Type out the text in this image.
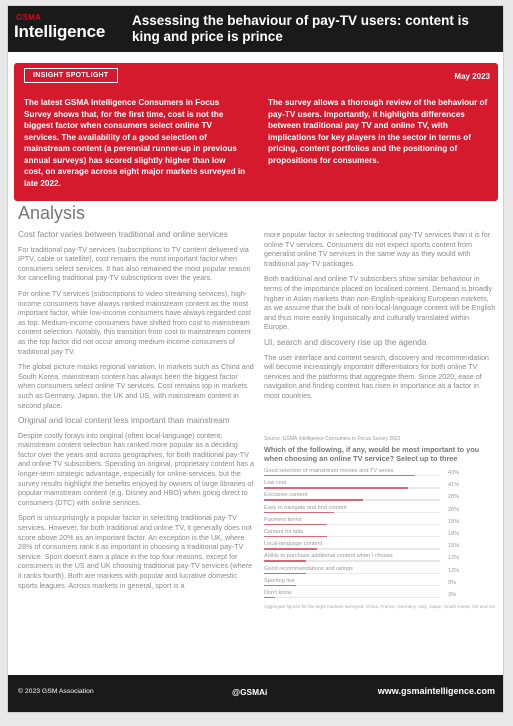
GSMA
Intelligence
Assessing the behaviour of pay-TV users: content is king and price is prince
INSIGHT SPOTLIGHT	May 2023
The latest GSMA Intelligence Consumers in Focus Survey shows that, for the first time, cost is not the biggest factor when consumers select online TV services. The availability of a good selection of mainstream content (a perennial runner-up in previous annual surveys) has scored slightly higher than low cost, on average across eight major markets surveyed in late 2022.
The survey allows a thorough review of the behaviour of pay-TV users. Importantly, it highlights differences between traditional pay TV and online TV, with implications for key players in the sector in terms of pricing, content portfolios and the positioning of propositions for consumers.
Analysis
Cost factor varies between traditional and online services

For traditional pay-TV services (subscriptions to TV content delivered via IPTV, cable or satellite), cost remains the most important factor when consumers select services. It has also remained the most popular reason for cancelling traditional pay-TV subscriptions over the years.

For online TV services (subscriptions to video streaming services), high-income consumers have always ranked mainstream content as the most important factor, while low-income consumers have always regarded cost as top. Medium-income consumers have shifted from cost to mainstream content selection. Notably, this transition from cost to mainstream content as the top factor did not occur among medium-income consumers of traditional pay TV.

The global picture masks regional variation. In markets such as China and South Korea, mainstream content has always been the biggest factor when consumers select online TV services. Cost remains top in markets such as Germany, Japan, the UK and US, with mainstream content in second place.

Original and local content less important than mainstream

Despite costly forays into original (often local-language) content, mainstream content selection has ranked more popular as a deciding factor over the years and across geographies, for both traditional pay-TV and online TV subscribers. Spending on original, proprietary content has a longer-term strategic advantage, especially for online services, but the survey results highlight the benefits enjoyed by owners of large libraries of popular mainstream content (e.g. Disney and HBO) when going direct to consumers (DTC) with online services.

Sport is unsurprisingly a popular factor in selecting traditional pay-TV services. However, for both traditional and online TV, it generally does not score above 20% as an important factor. An exception is the UK, where 28% of consumers rank it as important in choosing a traditional pay-TV service. Sport doesn't earn a place in the top four reasons, except for consumers in the US and UK choosing traditional pay-TV services (where it ranks fourth). Both are markets with popular and lucrative domestic sports leagues. Across markets in general, sport is a

more popular factor in selecting traditional pay-TV services than it is for online TV services. Consumers do not expect sports content from generalist online TV services in the same way as they would with traditional pay-TV packages.

Both traditional and online TV subscribers show similar behaviour in terms of the importance placed on localised content. Demand is broadly higher in Asian markets than non-English-speaking European markets, as we assume that the bulk of non-local-language content will be English and thus more easily linguistically and culturally translated within Europe.

UI, search and discovery rise up the agenda

The user interface and content search, discovery and recommendation will become increasingly important differentiators for both online TV services and the platforms that aggregate them. Since 2020, ease of navigation and finding content has risen in importance as a factor in most countries.

Source: GSMA Intelligence Consumers in Focus Survey 2022
Which of the following, if any, would be most important to you when choosing an online TV service? Select up to three
Good selection of mainstream movies and TV series	43%
Low cost	41%
Exclusive content	28%
Easy to navigate and find content	20%
Payment terms	18%
Content for kids	18%
Local-language content	15%
Ability to purchase additional content when I choose	12%
Good recommendations and ratings	12%
Sporting live	9%
Don't know	3%
Aggregate figures for the eight markets surveyed: China, France, Germany, Italy, Japan, South Korea, UK and US
© 2023 GSM Association	@GSMAi	www.gsmaintelligence.com
